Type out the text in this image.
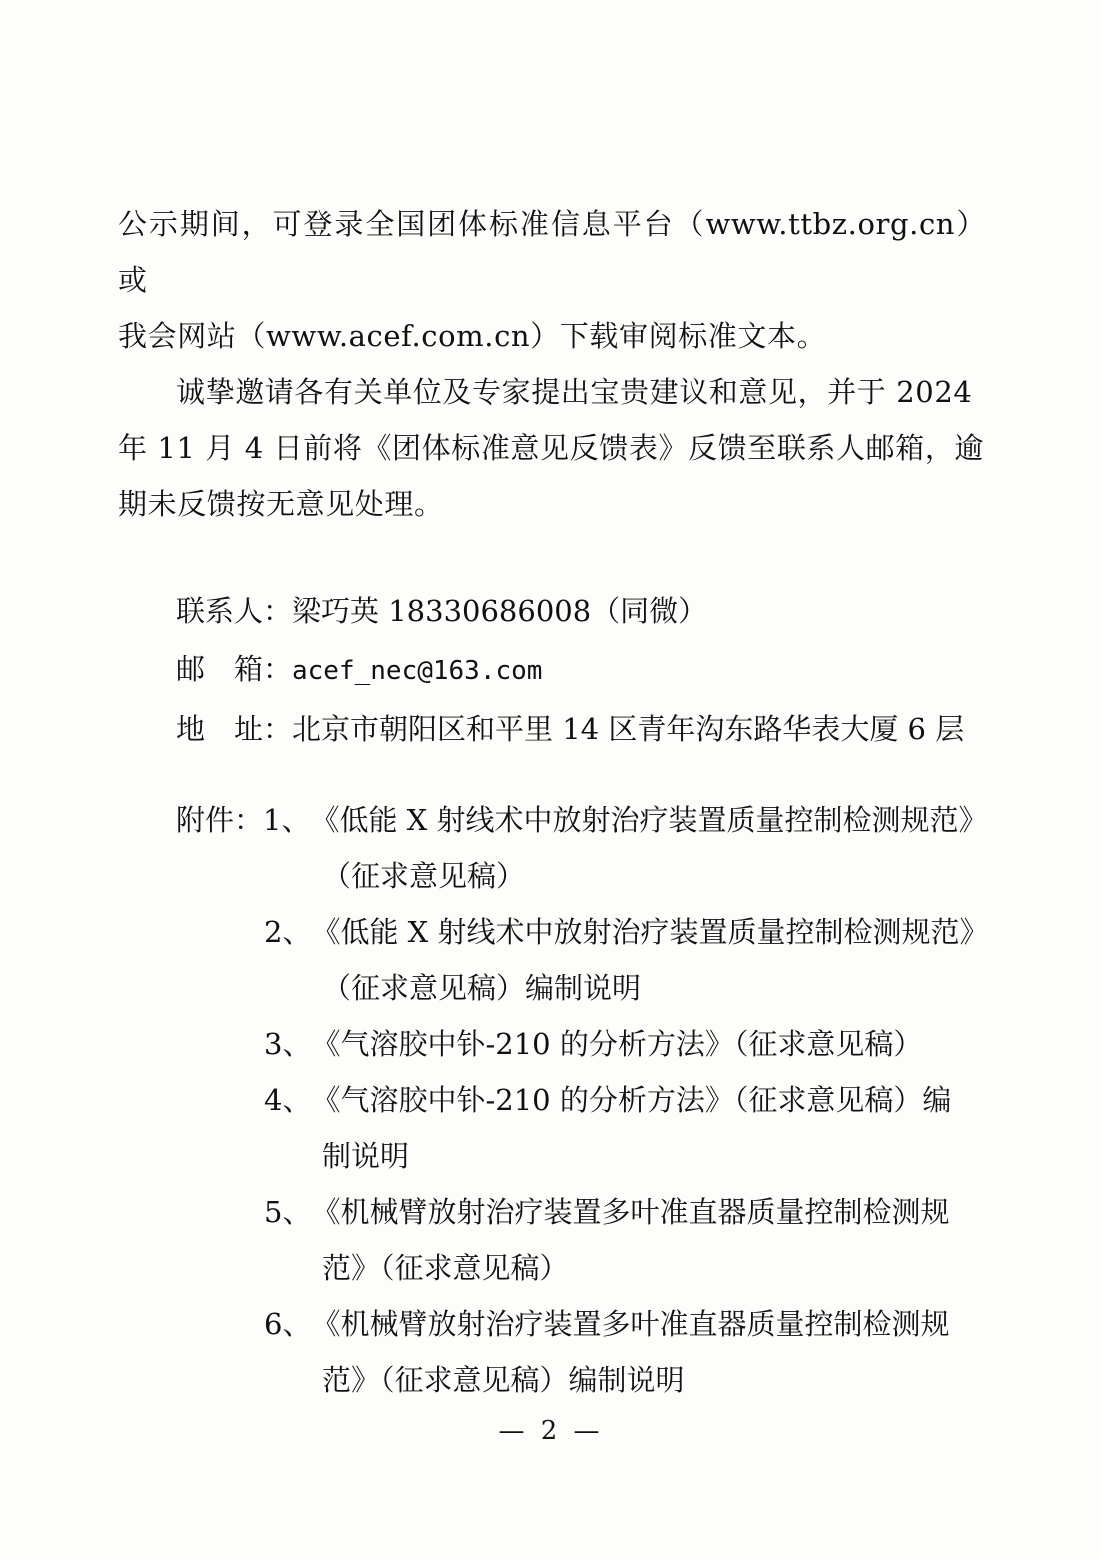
公示期间，可登录全国团体标准信息平台（www.ttbz.org.cn）或
我会网站（www.acef.com.cn）下载审阅标准文本。

诚挚邀请各有关单位及专家提出宝贵建议和意见，并于 2024
年 11 月 4 日前将《团体标准意见反馈表》反馈至联系人邮箱，逾
期未反馈按无意见处理。

联系人：梁巧英 18330686008（同微）
邮　箱：acef_nec@163.com
地　址：北京市朝阳区和平里 14 区青年沟东路华表大厦 6 层
附件： 1、 《低能 X 射线术中放射治疗装置质量控制检测规范》
（征求意见稿）
2、 《低能 X 射线术中放射治疗装置质量控制检测规范》
（征求意见稿）编制说明
3、 《气溶胶中钋-210 的分析方法》（征求意见稿）
4、 《气溶胶中钋-210 的分析方法》（征求意见稿）编
制说明
5、 《机械臂放射治疗装置多叶准直器质量控制检测规
范》（征求意见稿）
6、 《机械臂放射治疗装置多叶准直器质量控制检测规
范》（征求意见稿）编制说明
— 2 —
